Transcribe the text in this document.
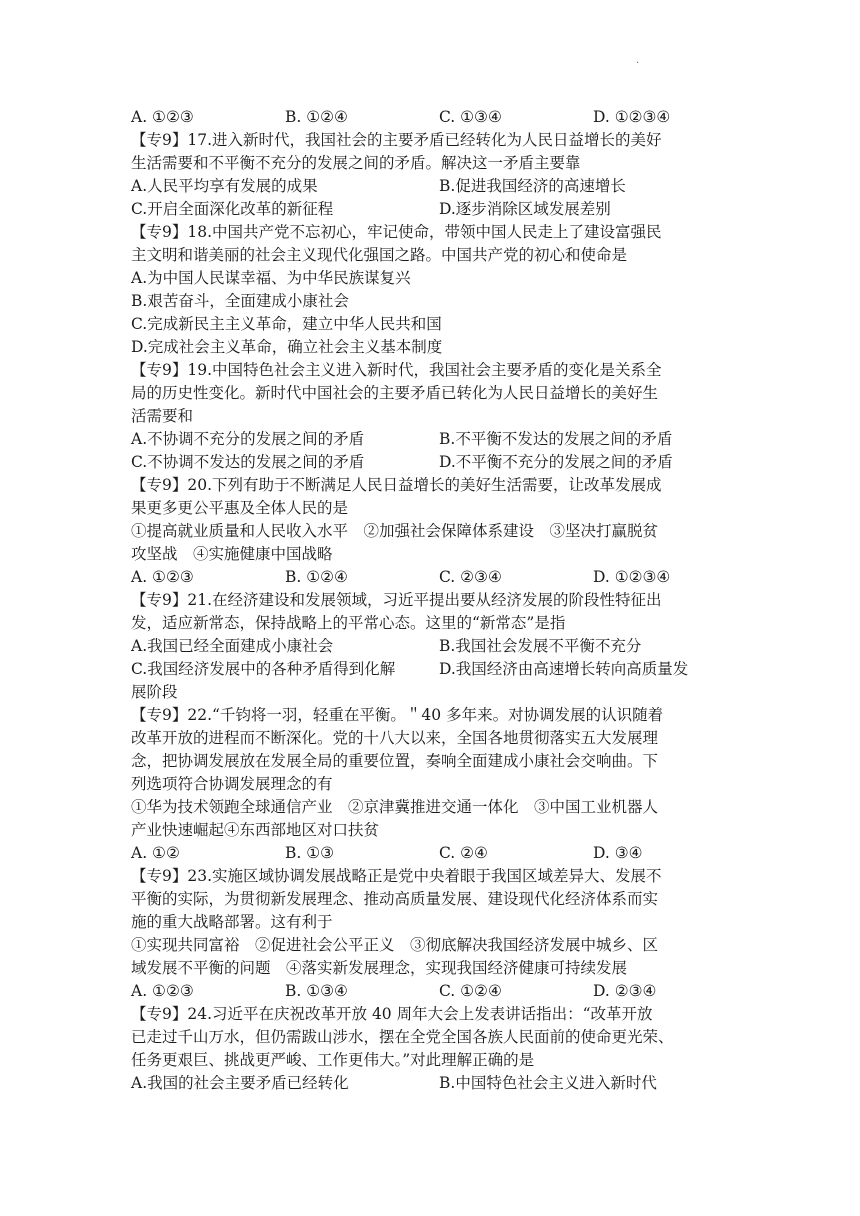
·
A. ①②③	B. ①②④	C. ①③④	D. ①②③④
【专9】17.进入新时代，我国社会的主要矛盾已经转化为人民日益增长的美好
生活需要和不平衡不充分的发展之间的矛盾。解决这一矛盾主要靠
A.人民平均享有发展的成果	B.促进我国经济的高速增长
C.开启全面深化改革的新征程	D.逐步消除区域发展差别
【专9】18.中国共产党不忘初心，牢记使命，带领中国人民走上了建设富强民
主文明和谐美丽的社会主义现代化强国之路。中国共产党的初心和使命是
A.为中国人民谋幸福、为中华民族谋复兴
B.艰苦奋斗，全面建成小康社会
C.完成新民主主义革命，建立中华人民共和国
D.完成社会主义革命，确立社会主义基本制度
【专9】19.中国特色社会主义进入新时代，我国社会主要矛盾的变化是关系全
局的历史性变化。新时代中国社会的主要矛盾已转化为人民日益增长的美好生
活需要和
A.不协调不充分的发展之间的矛盾	B.不平衡不发达的发展之间的矛盾
C.不协调不发达的发展之间的矛盾	D.不平衡不充分的发展之间的矛盾
【专9】20.下列有助于不断满足人民日益增长的美好生活需要，让改革发展成
果更多更公平惠及全体人民的是
①提高就业质量和人民收入水平　②加强社会保障体系建设　③坚决打赢脱贫
攻坚战　④实施健康中国战略
A. ①②③	B. ①②④	C. ②③④	D. ①②③④
【专9】21.在经济建设和发展领域，习近平提出要从经济发展的阶段性特征出
发，适应新常态，保持战略上的平常心态。这里的“新常态”是指
A.我国已经全面建成小康社会	B.我国社会发展不平衡不充分
C.我国经济发展中的各种矛盾得到化解	D.我国经济由高速增长转向高质量发
展阶段
【专9】22.“千钧将一羽，轻重在平衡。＂40 多年来。对协调发展的认识随着
改革开放的进程而不断深化。党的十八大以来，全国各地贯彻落实五大发展理
念，把协调发展放在发展全局的重要位置，奏响全面建成小康社会交响曲。下
列选项符合协调发展理念的有
①华为技术领跑全球通信产业　②京津冀推进交通一体化　③中国工业机器人
产业快速崛起④东西部地区对口扶贫
A. ①②	B. ①③	C. ②④	D. ③④
【专9】23.实施区域协调发展战略正是党中央着眼于我国区域差异大、发展不
平衡的实际，为贯彻新发展理念、推动高质量发展、建设现代化经济体系而实
施的重大战略部署。这有利于
①实现共同富裕　②促进社会公平正义　③彻底解决我国经济发展中城乡、区
域发展不平衡的问题　④落实新发展理念，实现我国经济健康可持续发展
A. ①②③	B. ①③④	C. ①②④	D. ②③④
【专9】24.习近平在庆祝改革开放 40 周年大会上发表讲话指出：“改革开放
已走过千山万水，但仍需跋山涉水，摆在全党全国各族人民面前的使命更光荣、
任务更艰巨、挑战更严峻、工作更伟大。”对此理解正确的是
A.我国的社会主要矛盾已经转化	B.中国特色社会主义进入新时代
